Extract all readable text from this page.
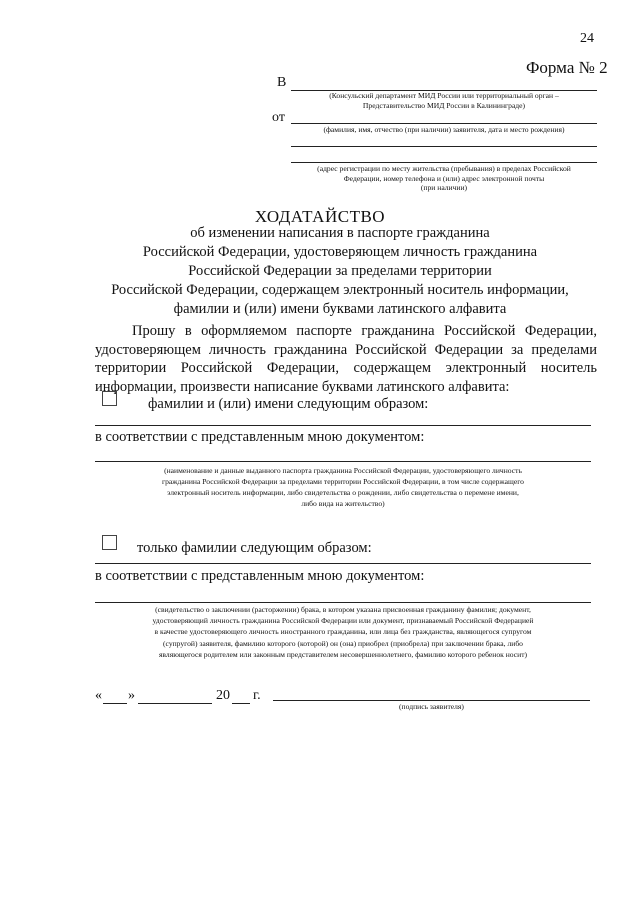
24
Форма № 2
В
(Консульский департамент МИД России или территориальный орган –
Представительство МИД России в Калининграде)
от
(фамилия, имя, отчество (при наличии) заявителя, дата и место рождения)
(адрес регистрации по месту жительства (пребывания) в пределах Российской
Федерации, номер телефона и (или) адрес электронной почты
(при наличии)
ХОДАТАЙСТВО
об изменении написания в паспорте гражданина
Российской Федерации, удостоверяющем личность гражданина
Российской Федерации за пределами территории
Российской Федерации, содержащем электронный носитель информации,
фамилии и (или) имени буквами латинского алфавита
Прошу в оформляемом паспорте гражданина Российской Федерации,
удостоверяющем личность гражданина Российской Федерации за пределами
территории Российской Федерации, содержащем электронный носитель
информации, произвести написание буквами латинского алфавита:
фамилии и (или) имени следующим образом:
в соответствии с представленным мною документом:
(наименование и данные выданного паспорта гражданина Российской Федерации, удостоверяющего личность
гражданина Российской Федерации за пределами территории Российской Федерации, в том числе содержащего
электронный носитель информации, либо свидетельства о рождении, либо свидетельства о перемене имени,
либо вида на жительство)
только фамилии следующим образом:
в соответствии с представленным мною документом:
(свидетельство о заключении (расторжении) брака, в котором указана присвоенная гражданину фамилия; документ,
удостоверяющий личность гражданина Российской Федерации или документ, признаваемый Российской Федерацией
в качестве удостоверяющего личность иностранного гражданина, или лица без гражданства, являющегося супругом
(супругой) заявителя, фамилию которого (которой) он (она) приобрел (приобрела) при заключении брака, либо
являющегося родителем или законным представителем несовершеннолетнего, фамилию которого ребенок носит)
« »	20 г.
(подпись заявителя)
